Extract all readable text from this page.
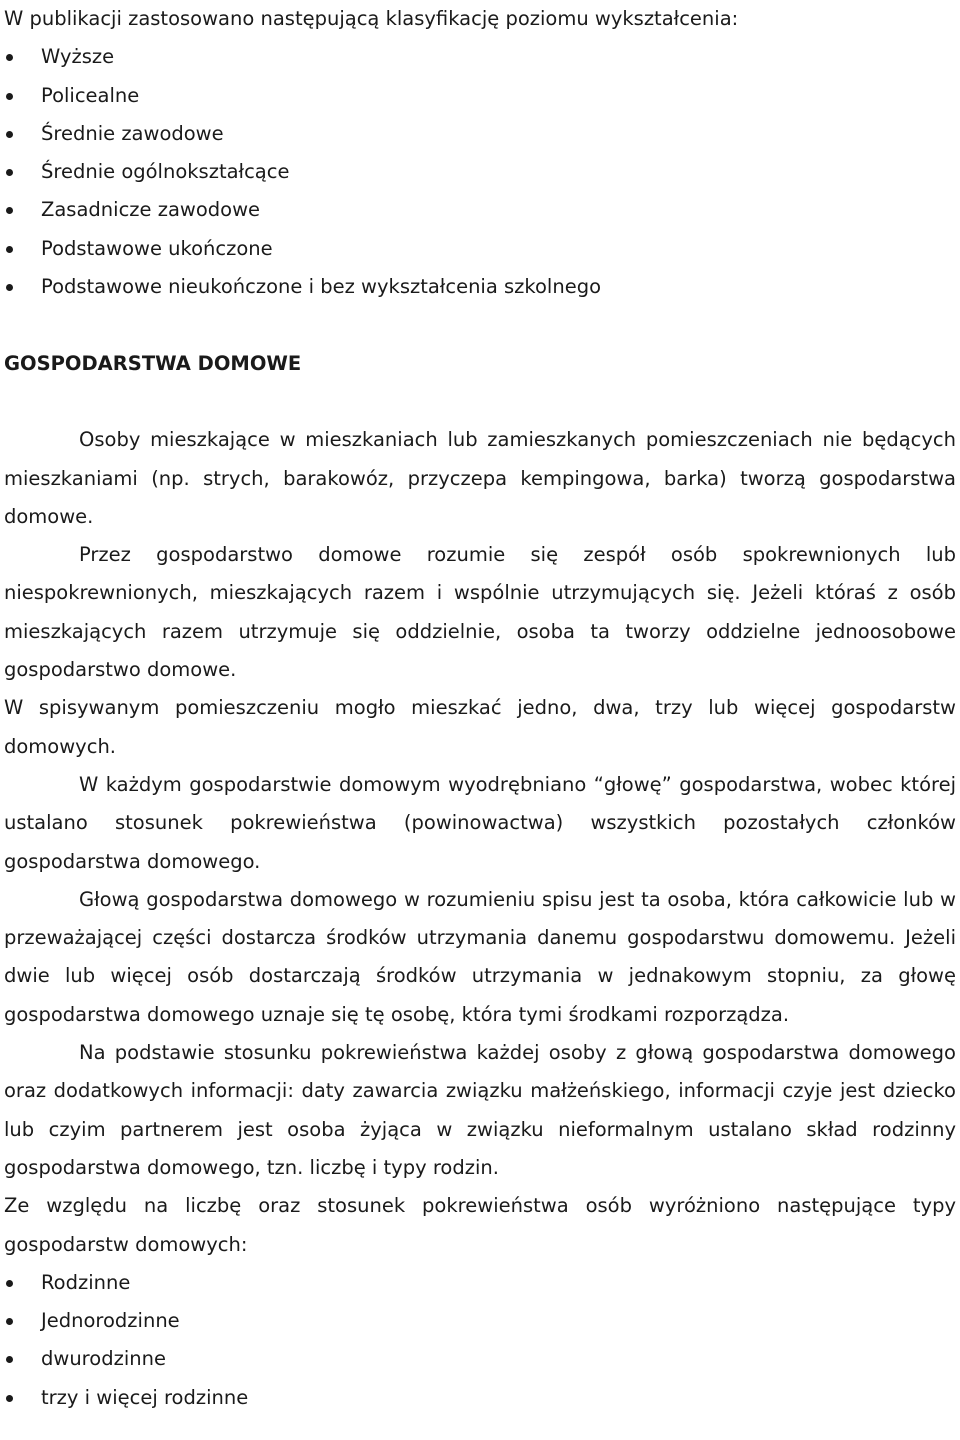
W publikacji zastosowano następującą klasyfikację poziomu wykształcenia:
Wyższe
Policealne
Średnie zawodowe
Średnie ogólnokształcące
Zasadnicze zawodowe
Podstawowe ukończone
Podstawowe nieukończone i bez wykształcenia szkolnego
GOSPODARSTWA DOMOWE

Osoby mieszkające w mieszkaniach lub zamieszkanych pomieszczeniach nie będących mieszkaniami (np. strych, barakowóz, przyczepa kempingowa, barka) tworzą gospodarstwa domowe.

Przez gospodarstwo domowe rozumie się zespół osób spokrewnionych lub niespokrewnionych, mieszkających razem i wspólnie utrzymujących się. Jeżeli któraś z osób mieszkających razem utrzymuje się oddzielnie, osoba ta tworzy oddzielne jednoosobowe gospodarstwo domowe.

W spisywanym pomieszczeniu mogło mieszkać jedno, dwa, trzy lub więcej gospodarstw domowych.

W każdym gospodarstwie domowym wyodrębniano “głowę” gospodarstwa, wobec której ustalano stosunek pokrewieństwa (powinowactwa) wszystkich pozostałych członków gospodarstwa domowego.

Głową gospodarstwa domowego w rozumieniu spisu jest ta osoba, która całkowicie lub w przeważającej części dostarcza środków utrzymania danemu gospodarstwu domowemu. Jeżeli dwie lub więcej osób dostarczają środków utrzymania w jednakowym stopniu, za głowę gospodarstwa domowego uznaje się tę osobę, która tymi środkami rozporządza.

Na podstawie stosunku pokrewieństwa każdej osoby z głową gospodarstwa domowego oraz dodatkowych informacji: daty zawarcia związku małżeńskiego, informacji czyje jest dziecko lub czyim partnerem jest osoba żyjąca w związku nieformalnym ustalano skład rodzinny gospodarstwa domowego, tzn. liczbę i typy rodzin.

Ze względu na liczbę oraz stosunek pokrewieństwa osób wyróżniono następujące typy gospodarstw domowych:

Rodzinne
Jednorodzinne
dwurodzinne
trzy i więcej rodzinne
